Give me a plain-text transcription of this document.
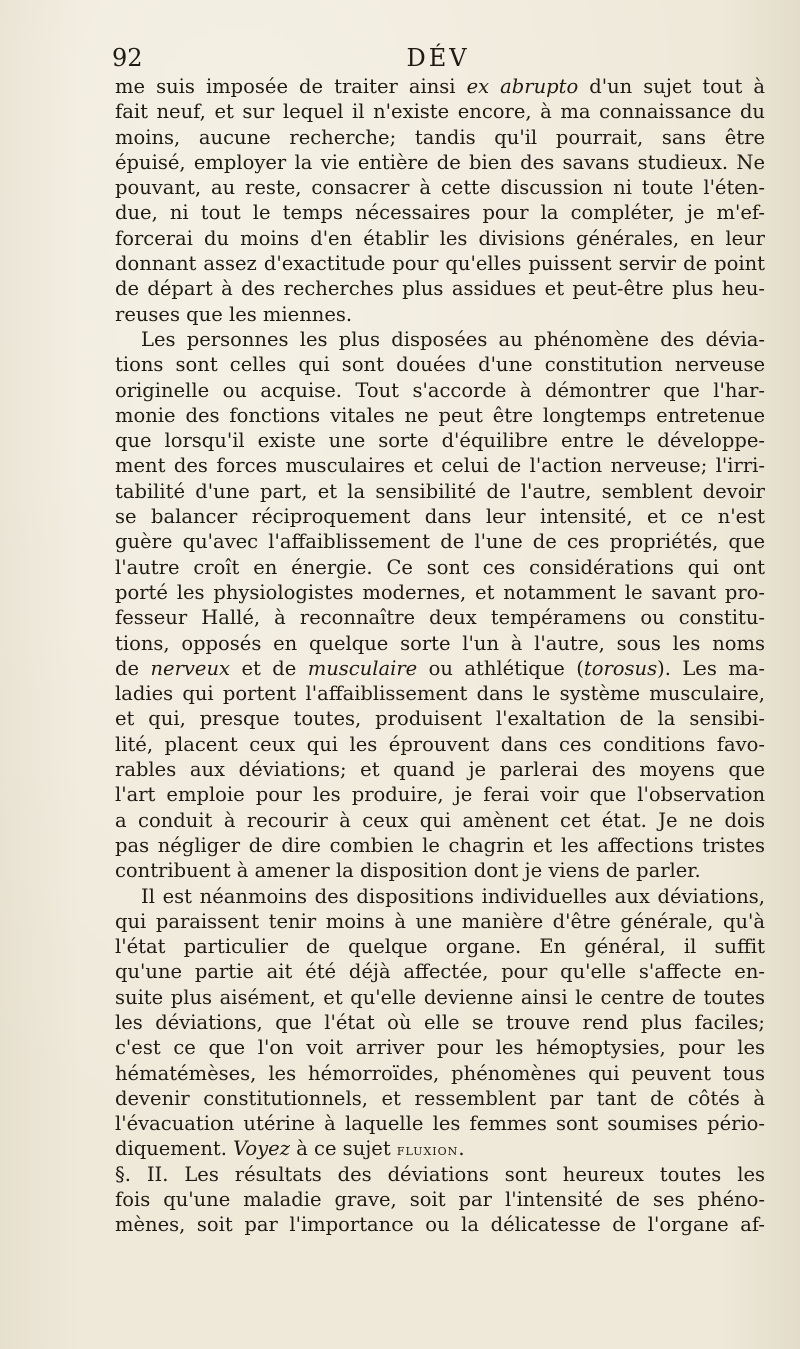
92	DÉV
me suis imposée de traiter ainsi ex abrupto d'un sujet tout à
fait neuf, et sur lequel il n'existe encore, à ma connaissance du
moins, aucune recherche; tandis qu'il pourrait, sans être
épuisé, employer la vie entière de bien des savans studieux. Ne
pouvant, au reste, consacrer à cette discussion ni toute l'éten-
due, ni tout le temps nécessaires pour la compléter, je m'ef-
forcerai du moins d'en établir les divisions générales, en leur
donnant assez d'exactitude pour qu'elles puissent servir de point
de départ à des recherches plus assidues et peut-être plus heu-
reuses que les miennes.
Les personnes les plus disposées au phénomène des dévia-
tions sont celles qui sont douées d'une constitution nerveuse
originelle ou acquise. Tout s'accorde à démontrer que l'har-
monie des fonctions vitales ne peut être longtemps entretenue
que lorsqu'il existe une sorte d'équilibre entre le développe-
ment des forces musculaires et celui de l'action nerveuse; l'irri-
tabilité d'une part, et la sensibilité de l'autre, semblent devoir
se balancer réciproquement dans leur intensité, et ce n'est
guère qu'avec l'affaiblissement de l'une de ces propriétés, que
l'autre croît en énergie. Ce sont ces considérations qui ont
porté les physiologistes modernes, et notamment le savant pro-
fesseur Hallé, à reconnaître deux tempéramens ou constitu-
tions, opposés en quelque sorte l'un à l'autre, sous les noms
de nerveux et de musculaire ou athlétique (torosus). Les ma-
ladies qui portent l'affaiblissement dans le système musculaire,
et qui, presque toutes, produisent l'exaltation de la sensibi-
lité, placent ceux qui les éprouvent dans ces conditions favo-
rables aux déviations; et quand je parlerai des moyens que
l'art emploie pour les produire, je ferai voir que l'observation
a conduit à recourir à ceux qui amènent cet état. Je ne dois
pas négliger de dire combien le chagrin et les affections tristes
contribuent à amener la disposition dont je viens de parler.
Il est néanmoins des dispositions individuelles aux déviations,
qui paraissent tenir moins à une manière d'être générale, qu'à
l'état particulier de quelque organe. En général, il suffit
qu'une partie ait été déjà affectée, pour qu'elle s'affecte en-
suite plus aisément, et qu'elle devienne ainsi le centre de toutes
les déviations, que l'état où elle se trouve rend plus faciles;
c'est ce que l'on voit arriver pour les hémoptysies, pour les
hématémèses, les hémorroïdes, phénomènes qui peuvent tous
devenir constitutionnels, et ressemblent par tant de côtés à
l'évacuation utérine à laquelle les femmes sont soumises pério-
diquement. Voyez à ce sujet fluxion.
§. II. Les résultats des déviations sont heureux toutes les
fois qu'une maladie grave, soit par l'intensité de ses phéno-
mènes, soit par l'importance ou la délicatesse de l'organe af-
